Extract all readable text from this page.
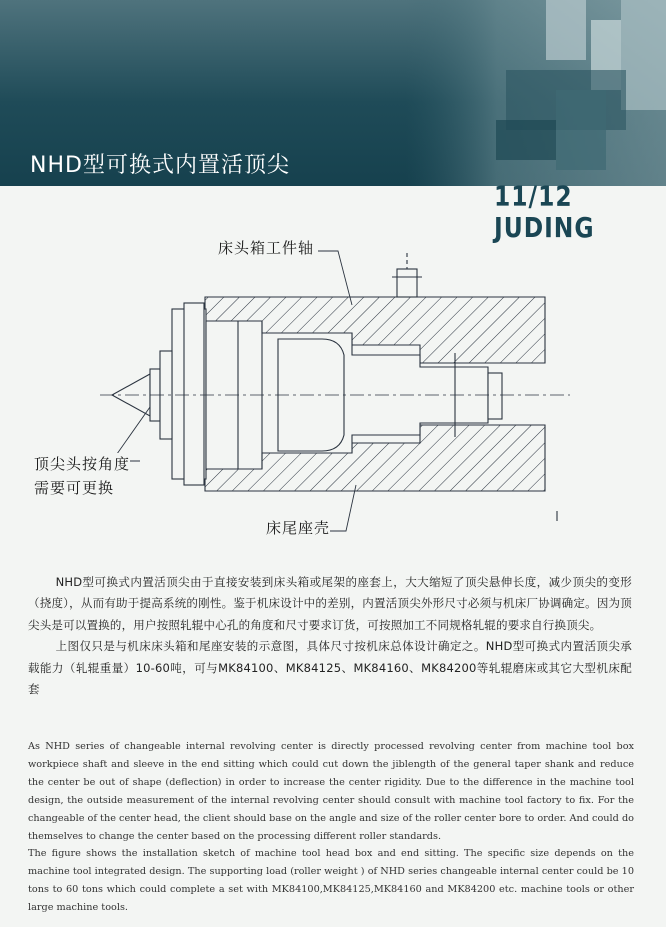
NHD型可换式内置活顶尖
11/12 JUDING
床头箱工件轴
顶尖头按角度
需要可更换
床尾座壳

NHD型可换式内置活顶尖由于直接安装到床头箱或尾架的座套上，大大缩短了顶尖悬伸长度，减少顶尖的变形（挠度），从而有助于提高系统的刚性。鉴于机床设计中的差别，内置活顶尖外形尺寸必须与机床厂协调确定。因为顶尖头是可以置换的，用户按照轧辊中心孔的角度和尺寸要求订货，可按照加工不同规格轧辊的要求自行换顶尖。

上图仅只是与机床床头箱和尾座安装的示意图，具体尺寸按机床总体设计确定之。NHD型可换式内置活顶尖承载能力（轧辊重量）10-60吨，可与MK84100、MK84125、MK84160、MK84200等轧辊磨床或其它大型机床配套

As NHD series of changeable internal revolving center is directly processed revolving center from machine tool box workpiece shaft and sleeve in the end sitting which could cut down the jiblength of the general taper shank and reduce the center be out of shape (deflection) in order to increase the center rigidity. Due to the difference in the machine tool design, the outside measurement of the internal revolving center should consult with machine tool factory to fix. For the changeable of the center head, the client should base on the angle and size of the roller center bore to order. And could do themselves to change the center based on the processing different roller standards.

The figure shows the installation sketch of machine tool head box and end sitting. The specific size depends on the machine tool integrated design. The supporting load (roller weight ) of NHD series changeable internal center could be 10 tons to 60 tons which could complete a set with MK84100,MK84125,MK84160 and MK84200 etc. machine tools or other large machine tools.
